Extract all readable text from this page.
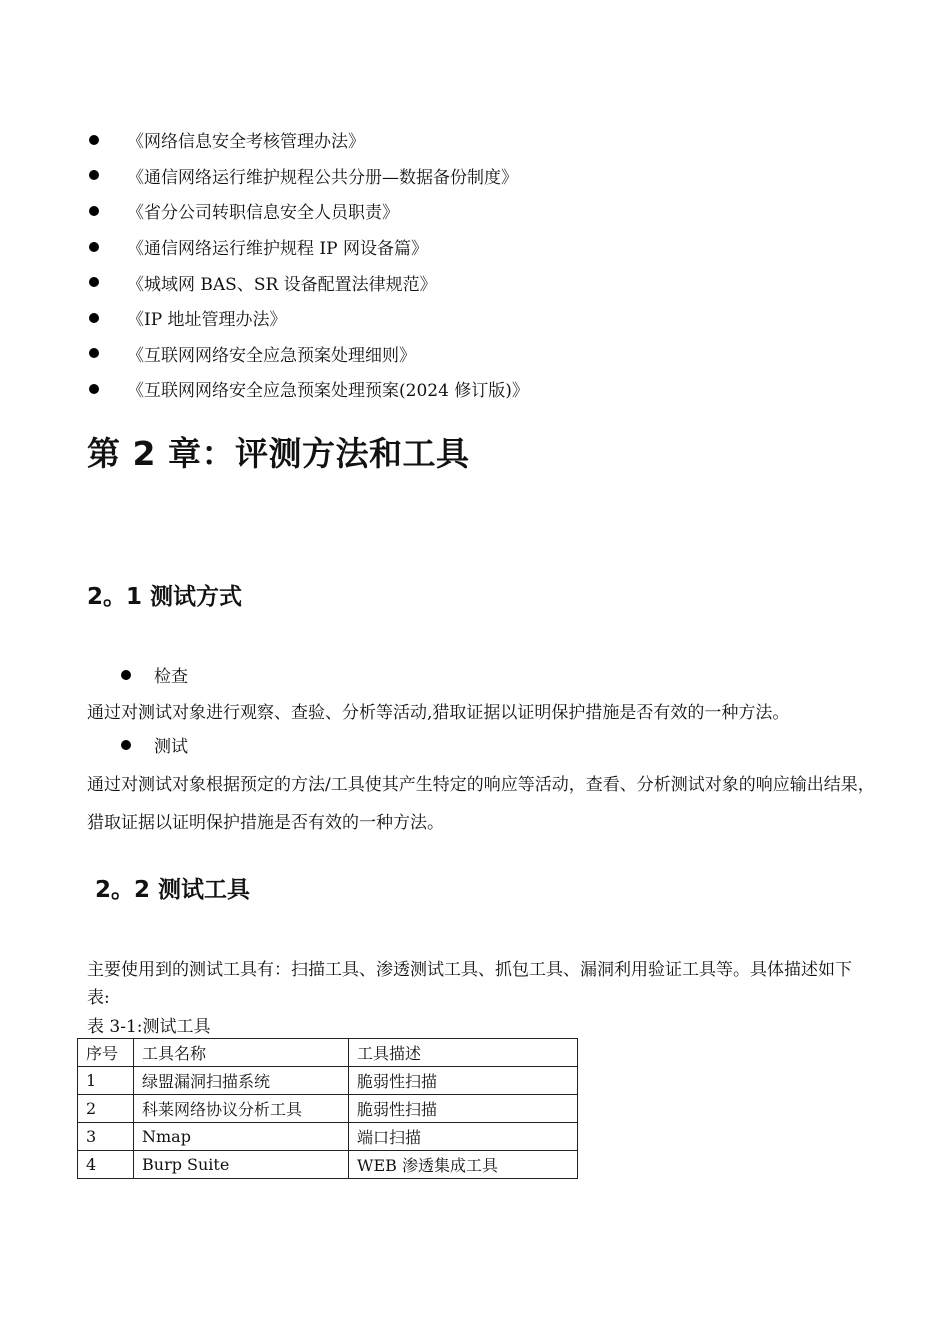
《网络信息安全考核管理办法》
《通信网络运行维护规程公共分册—数据备份制度》
《省分公司转职信息安全人员职责》
《通信网络运行维护规程 IP 网设备篇》
《城域网 BAS、SR 设备配置法律规范》
《IP 地址管理办法》
《互联网网络安全应急预案处理细则》
《互联网网络安全应急预案处理预案(2024 修订版)》
第 2 章：评测方法和工具
2。1 测试方式
检查

通过对测试对象进行观察、查验、分析等活动,猎取证据以证明保护措施是否有效的一种方法。

测试

通过对测试对象根据预定的方法/工具使其产生特定的响应等活动，查看、分析测试对象的响应输出结果，猎取证据以证明保护措施是否有效的一种方法。

2。2 测试工具

主要使用到的测试工具有：扫描工具、渗透测试工具、抓包工具、漏洞利用验证工具等。具体描述如下表:

表 3-1:测试工具
序号	工具名称	工具描述
1	绿盟漏洞扫描系统	脆弱性扫描
2	科莱网络协议分析工具	脆弱性扫描
3	Nmap	端口扫描
4	Burp Suite	WEB 渗透集成工具
